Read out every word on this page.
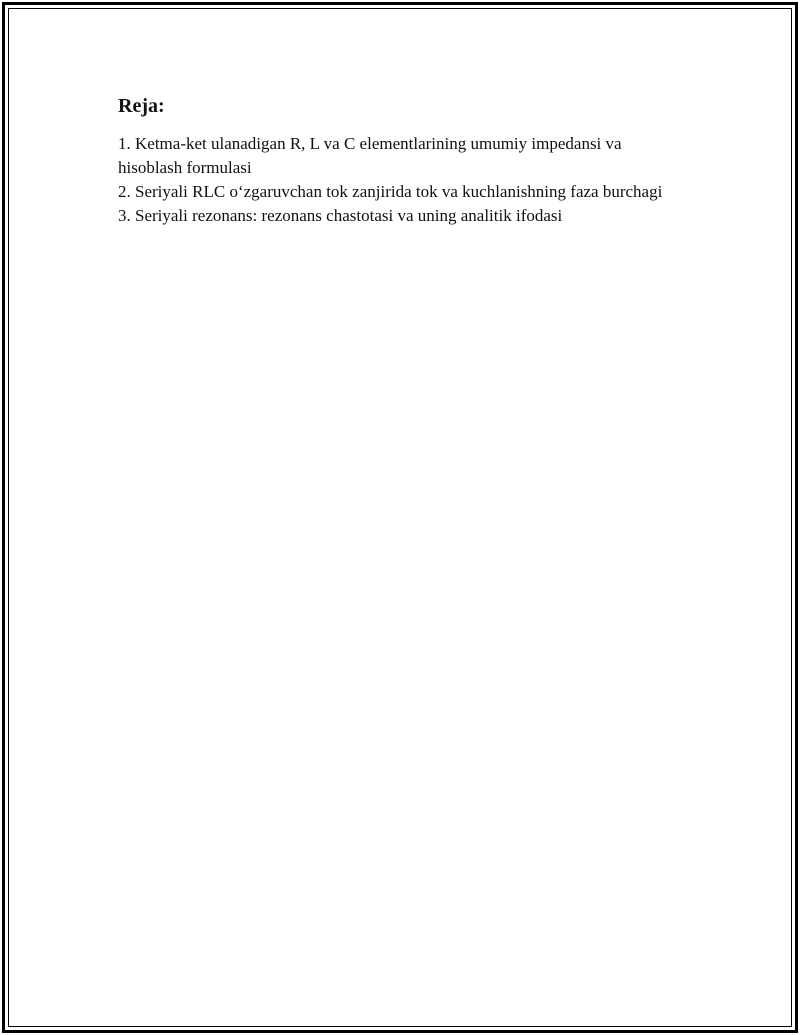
Reja:
1. Ketma-ket ulanadigan R, L va C elementlarining umumiy impedansi va hisoblash formulasi
2. Seriyali RLC o‘zgaruvchan tok zanjirida tok va kuchlanishning faza burchagi
3. Seriyali rezonans: rezonans chastotasi va uning analitik ifodasi
